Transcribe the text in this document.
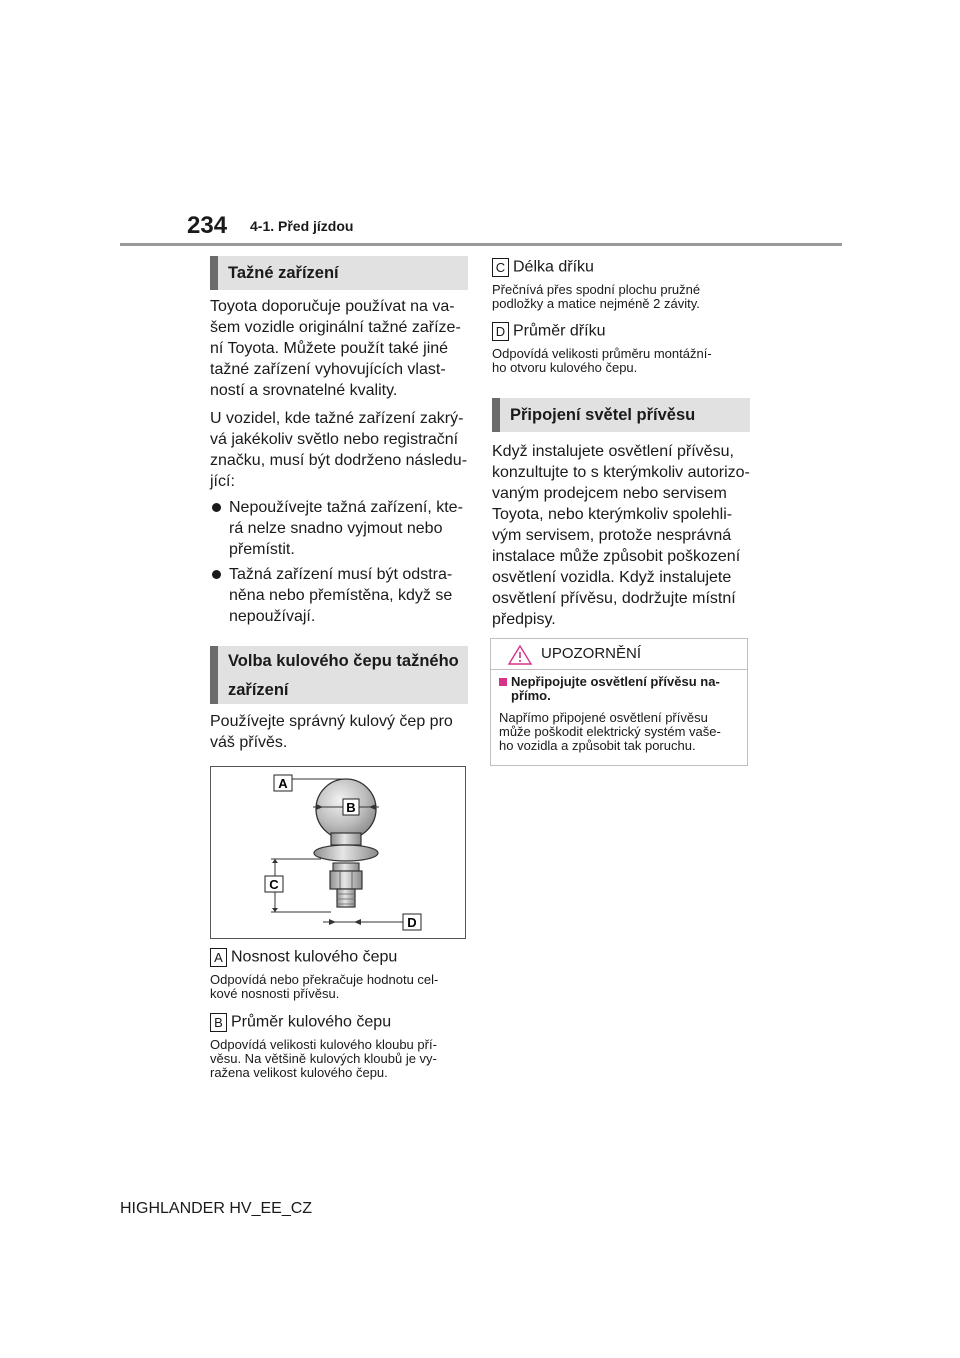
234 4-1. Před jízdou
Tažné zařízení
Toyota doporučuje používat na va-
šem vozidle originální tažné zaříze-
ní Toyota. Můžete použít také jiné
tažné zařízení vyhovujících vlast-
ností a srovnatelné kvality.
U vozidel, kde tažné zařízení zakrý-
vá jakékoliv světlo nebo registrační
značku, musí být dodrženo následu-
jící:
Nepoužívejte tažná zařízení, kte-
rá nelze snadno vyjmout nebo
přemístit.
Tažná zařízení musí být odstra-
něna nebo přemístěna, když se
nepoužívají.
Volba kulového čepu tažného
zařízení
Používejte správný kulový čep pro
váš přívěs.
A
B
C
D
A Nosnost kulového čepu
Odpovídá nebo překračuje hodnotu cel-
kové nosnosti přívěsu.
B Průměr kulového čepu
Odpovídá velikosti kulového kloubu pří-
věsu. Na většině kulových kloubů je vy-
ražena velikost kulového čepu.
C Délka dříku
Přečnívá přes spodní plochu pružné
podložky a matice nejméně 2 závity.
D Průměr dříku
Odpovídá velikosti průměru montážní-
ho otvoru kulového čepu.
Připojení světel přívěsu
Když instalujete osvětlení přívěsu,
konzultujte to s kterýmkoliv autorizo-
vaným prodejcem nebo servisem
Toyota, nebo kterýmkoliv spolehli-
vým servisem, protože nesprávná
instalace může způsobit poškození
osvětlení vozidla. Když instalujete
osvětlení přívěsu, dodržujte místní
předpisy.
UPOZORNĚNÍ
Nepřipojujte osvětlení přívěsu na-
přímo.
Napřímo připojené osvětlení přívěsu
může poškodit elektrický systém vaše-
ho vozidla a způsobit tak poruchu.
HIGHLANDER HV_EE_CZ
